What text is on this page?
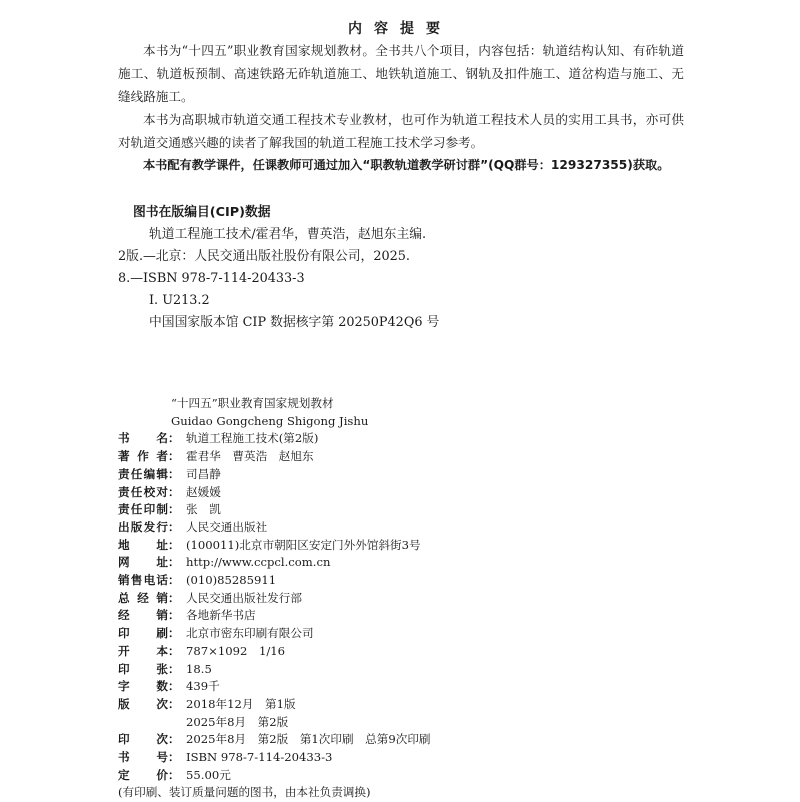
内容提要

本书为“十四五”职业教育国家规划教材。全书共八个项目，内容包括：轨道结构认知、有砟轨道施工、轨道板预制、高速铁路无砟轨道施工、地铁轨道施工、钢轨及扣件施工、道岔构造与施工、无缝线路施工。

本书为高职城市轨道交通工程技术专业教材，也可作为轨道工程技术人员的实用工具书，亦可供对轨道交通感兴趣的读者了解我国的轨道工程施工技术学习参考。

本书配有教学课件，任课教师可通过加入“职教轨道教学研讨群”(QQ群号：129327355)获取。

图书在版编目(CIP)数据
轨道工程施工技术/霍君华，曹英浩，赵旭东主编.
2版.—北京：人民交通出版社股份有限公司，2025.
8.—ISBN 978-7-114-20433-3
Ⅰ. U213.2
中国国家版本馆 CIP 数据核字第 20250P42Q6 号
“十四五”职业教育国家规划教材
Guidao Gongcheng Shigong Jishu
书名 ： 轨道工程施工技术(第2版)
著作者 ： 霍君华　曹英浩　赵旭东
责任编辑 ： 司昌静
责任校对 ： 赵媛媛
责任印制 ： 张　凯
出版发行 ： 人民交通出版社
地址 ： (100011)北京市朝阳区安定门外外馆斜街3号
网址 ： http://www.ccpcl.com.cn
销售电话 ： (010)85285911
总经销 ： 人民交通出版社发行部
经销 ： 各地新华书店
印刷 ： 北京市密东印刷有限公司
开本 ： 787×1092　1/16
印张 ： 18.5
字数 ： 439千
版次 ： 2018年12月　第1版
2025年8月　第2版
印次 ： 2025年8月　第2版　第1次印刷　总第9次印刷
书号 ： ISBN 978-7-114-20433-3
定价 ： 55.00元
(有印刷、装订质量问题的图书，由本社负责调换)
